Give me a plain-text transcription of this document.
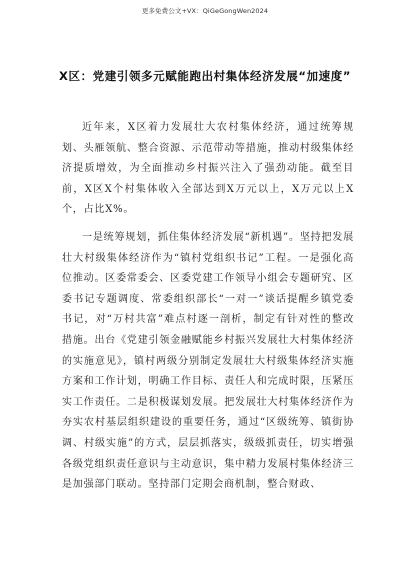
更多免费公文+VX：QiGeGongWen2024
X区：党建引领多元赋能跑出村集体经济发展“加速度”

近年来，X区着力发展壮大农村集体经济，通过统筹规划、头雁领航、整合资源、示范带动等措施，推动村级集体经济提质增效，为全面推动乡村振兴注入了强劲动能。截至目前，X区X个村集体收入全部达到X万元以上，X万元以上X个，占比X%。

一是统筹规划，抓住集体经济发展“新机遇”。坚持把发展壮大村级集体经济作为“镇村党组织书记”工程。一是强化高位推动。区委常委会、区委党建工作领导小组会专题研究、区委书记专题调度、常委组织部长“一对一”谈话提醒乡镇党委书记，对“万村共富”难点村逐一剖析，制定有针对性的整改措施。出台《党建引领金融赋能乡村振兴发展壮大村集体经济的实施意见》，镇村两级分别制定发展壮大村级集体经济实施方案和工作计划，明确工作目标、责任人和完成时限，压紧压实工作责任。二是积极谋划发展。把发展壮大村集体经济作为夯实农村基层组织建设的重要任务，通过“区级统筹、镇街协调、村级实施”的方式，层层抓落实，级级抓责任，切实增强各级党组织责任意识与主动意识，集中精力发展村集体经济三是加强部门联动。坚持部门定期会商机制，整合财政、
